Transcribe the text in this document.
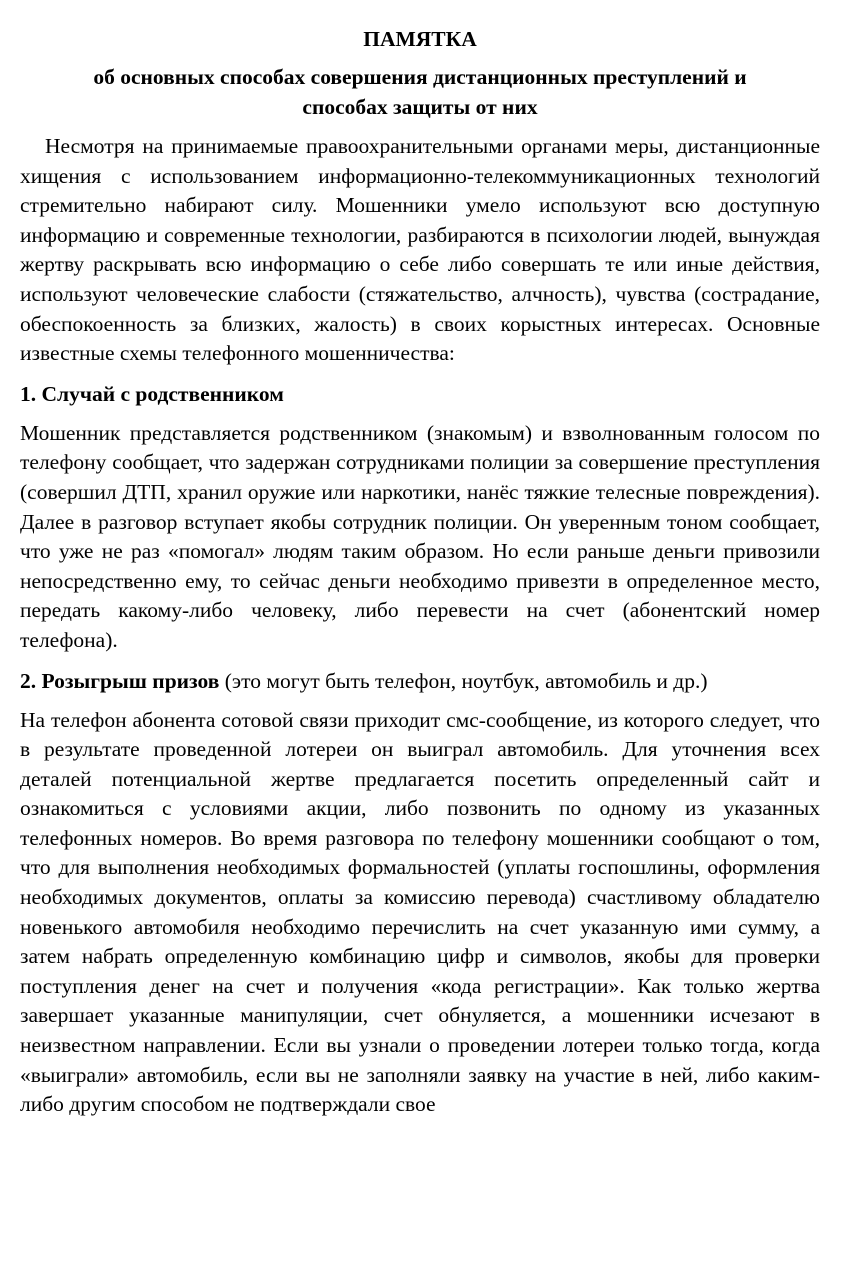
ПАМЯТКА

об основных способах совершения дистанционных преступлений и
способах защиты от них

Несмотря на принимаемые правоохранительными органами меры, дистанционные хищения с использованием информационно-телекоммуникационных технологий стремительно набирают силу. Мошенники умело используют всю доступную информацию и современные технологии, разбираются в психологии людей, вынуждая жертву раскрывать всю информацию о себе либо совершать те или иные действия, используют человеческие слабости (стяжательство, алчность), чувства (сострадание, обеспокоенность за близких, жалость) в своих корыстных интересах. Основные известные схемы телефонного мошенничества:

1. Случай с родственником

Мошенник представляется родственником (знакомым) и взволнованным голосом по телефону сообщает, что задержан сотрудниками полиции за совершение преступления (совершил ДТП, хранил оружие или наркотики, нанёс тяжкие телесные повреждения). Далее в разговор вступает якобы сотрудник полиции. Он уверенным тоном сообщает, что уже не раз «помогал» людям таким образом. Но если раньше деньги привозили непосредственно ему, то сейчас деньги необходимо привезти в определенное место, передать какому-либо человеку, либо перевести на счет (абонентский номер телефона).

2. Розыгрыш призов (это могут быть телефон, ноутбук, автомобиль и др.)

На телефон абонента сотовой связи приходит смс-сообщение, из которого следует, что в результате проведенной лотереи он выиграл автомобиль. Для уточнения всех деталей потенциальной жертве предлагается посетить определенный сайт и ознакомиться с условиями акции, либо позвонить по одному из указанных телефонных номеров. Во время разговора по телефону мошенники сообщают о том, что для выполнения необходимых формальностей (уплаты госпошлины, оформления необходимых документов, оплаты за комиссию перевода) счастливому обладателю новенького автомобиля необходимо перечислить на счет указанную ими сумму, а затем набрать определенную комбинацию цифр и символов, якобы для проверки поступления денег на счет и получения «кода регистрации». Как только жертва завершает указанные манипуляции, счет обнуляется, а мошенники исчезают в неизвестном направлении. Если вы узнали о проведении лотереи только тогда, когда «выиграли» автомобиль, если вы не заполняли заявку на участие в ней, либо каким-либо другим способом не подтверждали свое
